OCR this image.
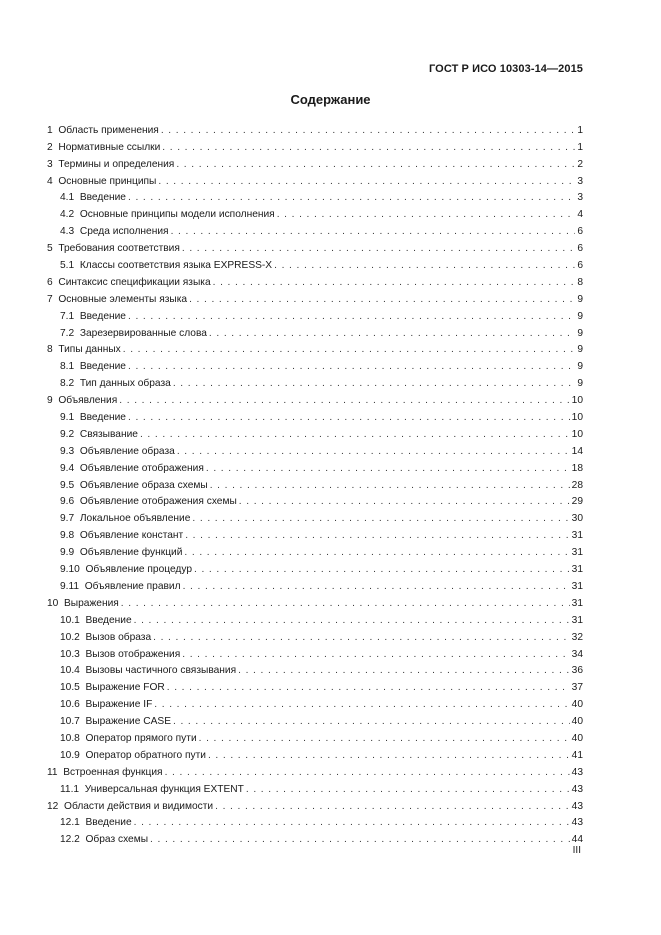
ГОСТ Р ИСО 10303-14—2015
Содержание
1 Область применения . . .	1
2 Нормативные ссылки . . .	1
3 Термины и определения . . .	2
4 Основные принципы . . .	3
4.1 Введение . . .	3
4.2 Основные принципы модели исполнения . . .	4
4.3 Среда исполнения . . .	6
5 Требования соответствия . . .	6
5.1 Классы соответствия языка EXPRESS-X . . .	6
6 Синтаксис спецификации языка . . .	8
7 Основные элементы языка . . .	9
7.1 Введение . . .	9
7.2 Зарезервированные слова . . .	9
8 Типы данных . . .	9
8.1 Введение . . .	9
8.2 Тип данных образа . . .	9
9 Объявления . . .	10
9.1 Введение . . .	10
9.2 Связывание . . .	10
9.3 Объявление образа . . .	14
9.4 Объявление отображения . . .	18
9.5 Объявление образа схемы . . .	28
9.6 Объявление отображения схемы . . .	29
9.7 Локальное объявление . . .	30
9.8 Объявление констант . . .	31
9.9 Объявление функций . . .	31
9.10 Объявление процедур . . .	31
9.11 Объявление правил . . .	31
10 Выражения . . .	31
10.1 Введение . . .	31
10.2 Вызов образа . . .	32
10.3 Вызов отображения . . .	34
10.4 Вызовы частичного связывания . . .	36
10.5 Выражение FOR . . .	37
10.6 Выражение IF . . .	40
10.7 Выражение CASE . . .	40
10.8 Оператор прямого пути . . .	40
10.9 Оператор обратного пути . . .	41
11 Встроенная функция . . .	43
11.1 Универсальная функция EXTENT . . .	43
12 Области действия и видимости . . .	43
12.1 Введение . . .	43
12.2 Образ схемы . . .	44
III
